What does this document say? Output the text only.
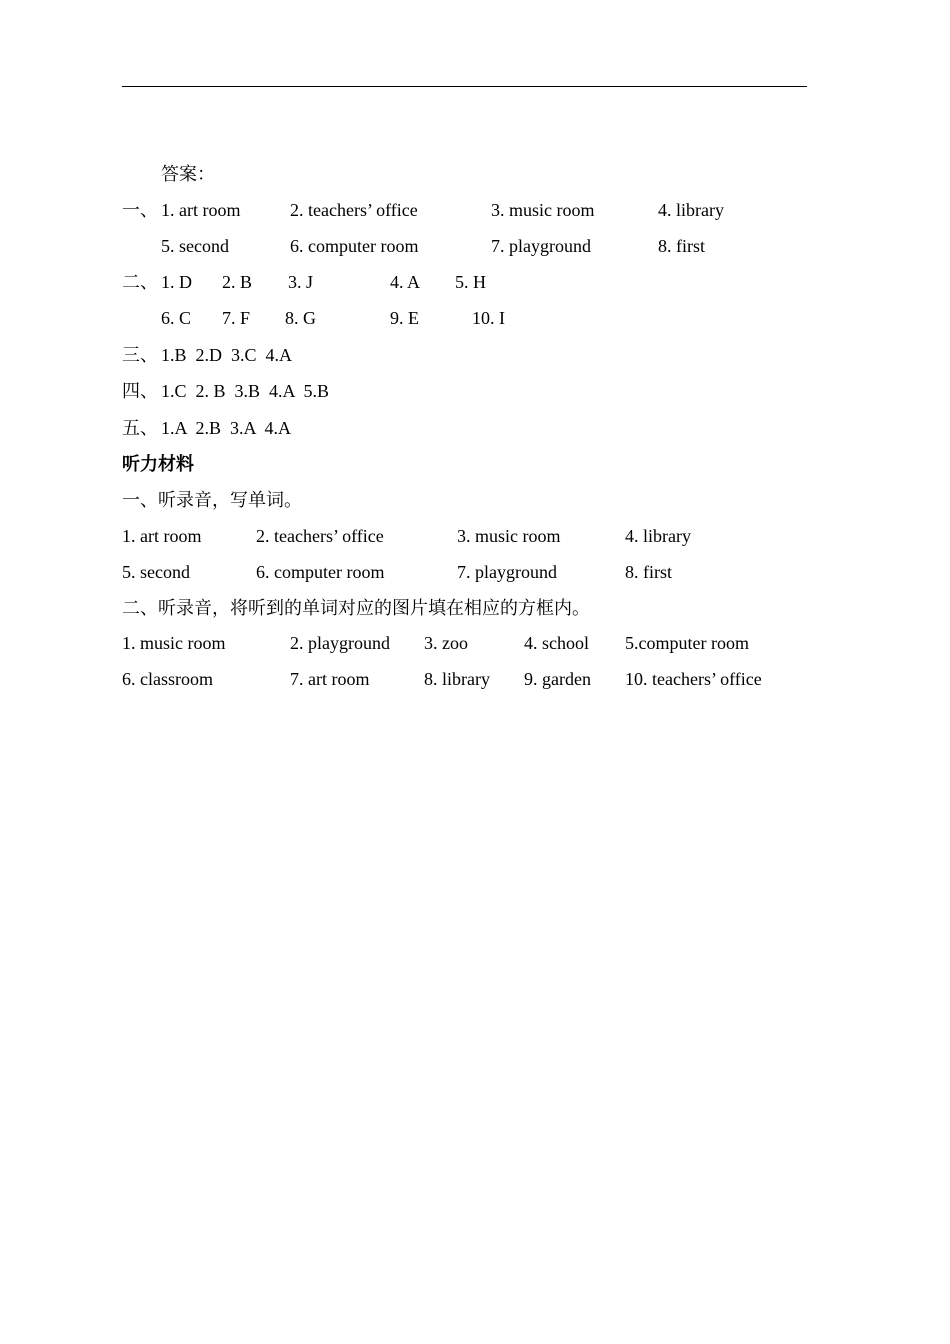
答案：
一、 1. art room	2. teachers’ office	3. music room	4. library
5. second	6. computer room	7. playground	8. first
二、 1. D 2. B 3. J	4. A 5. H
6. C 7. F 8. G	9. E	10. I
三、 1.B  2.D  3.C  4.A
四、 1.C  2. B  3.B  4.A  5.B
五、 1.A  2.B  3.A  4.A
听力材料
一、听录音，写单词。
1. art room	2. teachers’ office	3. music room	4. library
5. second	6. computer room	7. playground	8. first
二、听录音，将听到的单词对应的图片填在相应的方框内。
1. music room	2. playground 3. zoo	4. school 5.computer room
6. classroom	7. art room	8. library 9. garden 10. teachers’ office
